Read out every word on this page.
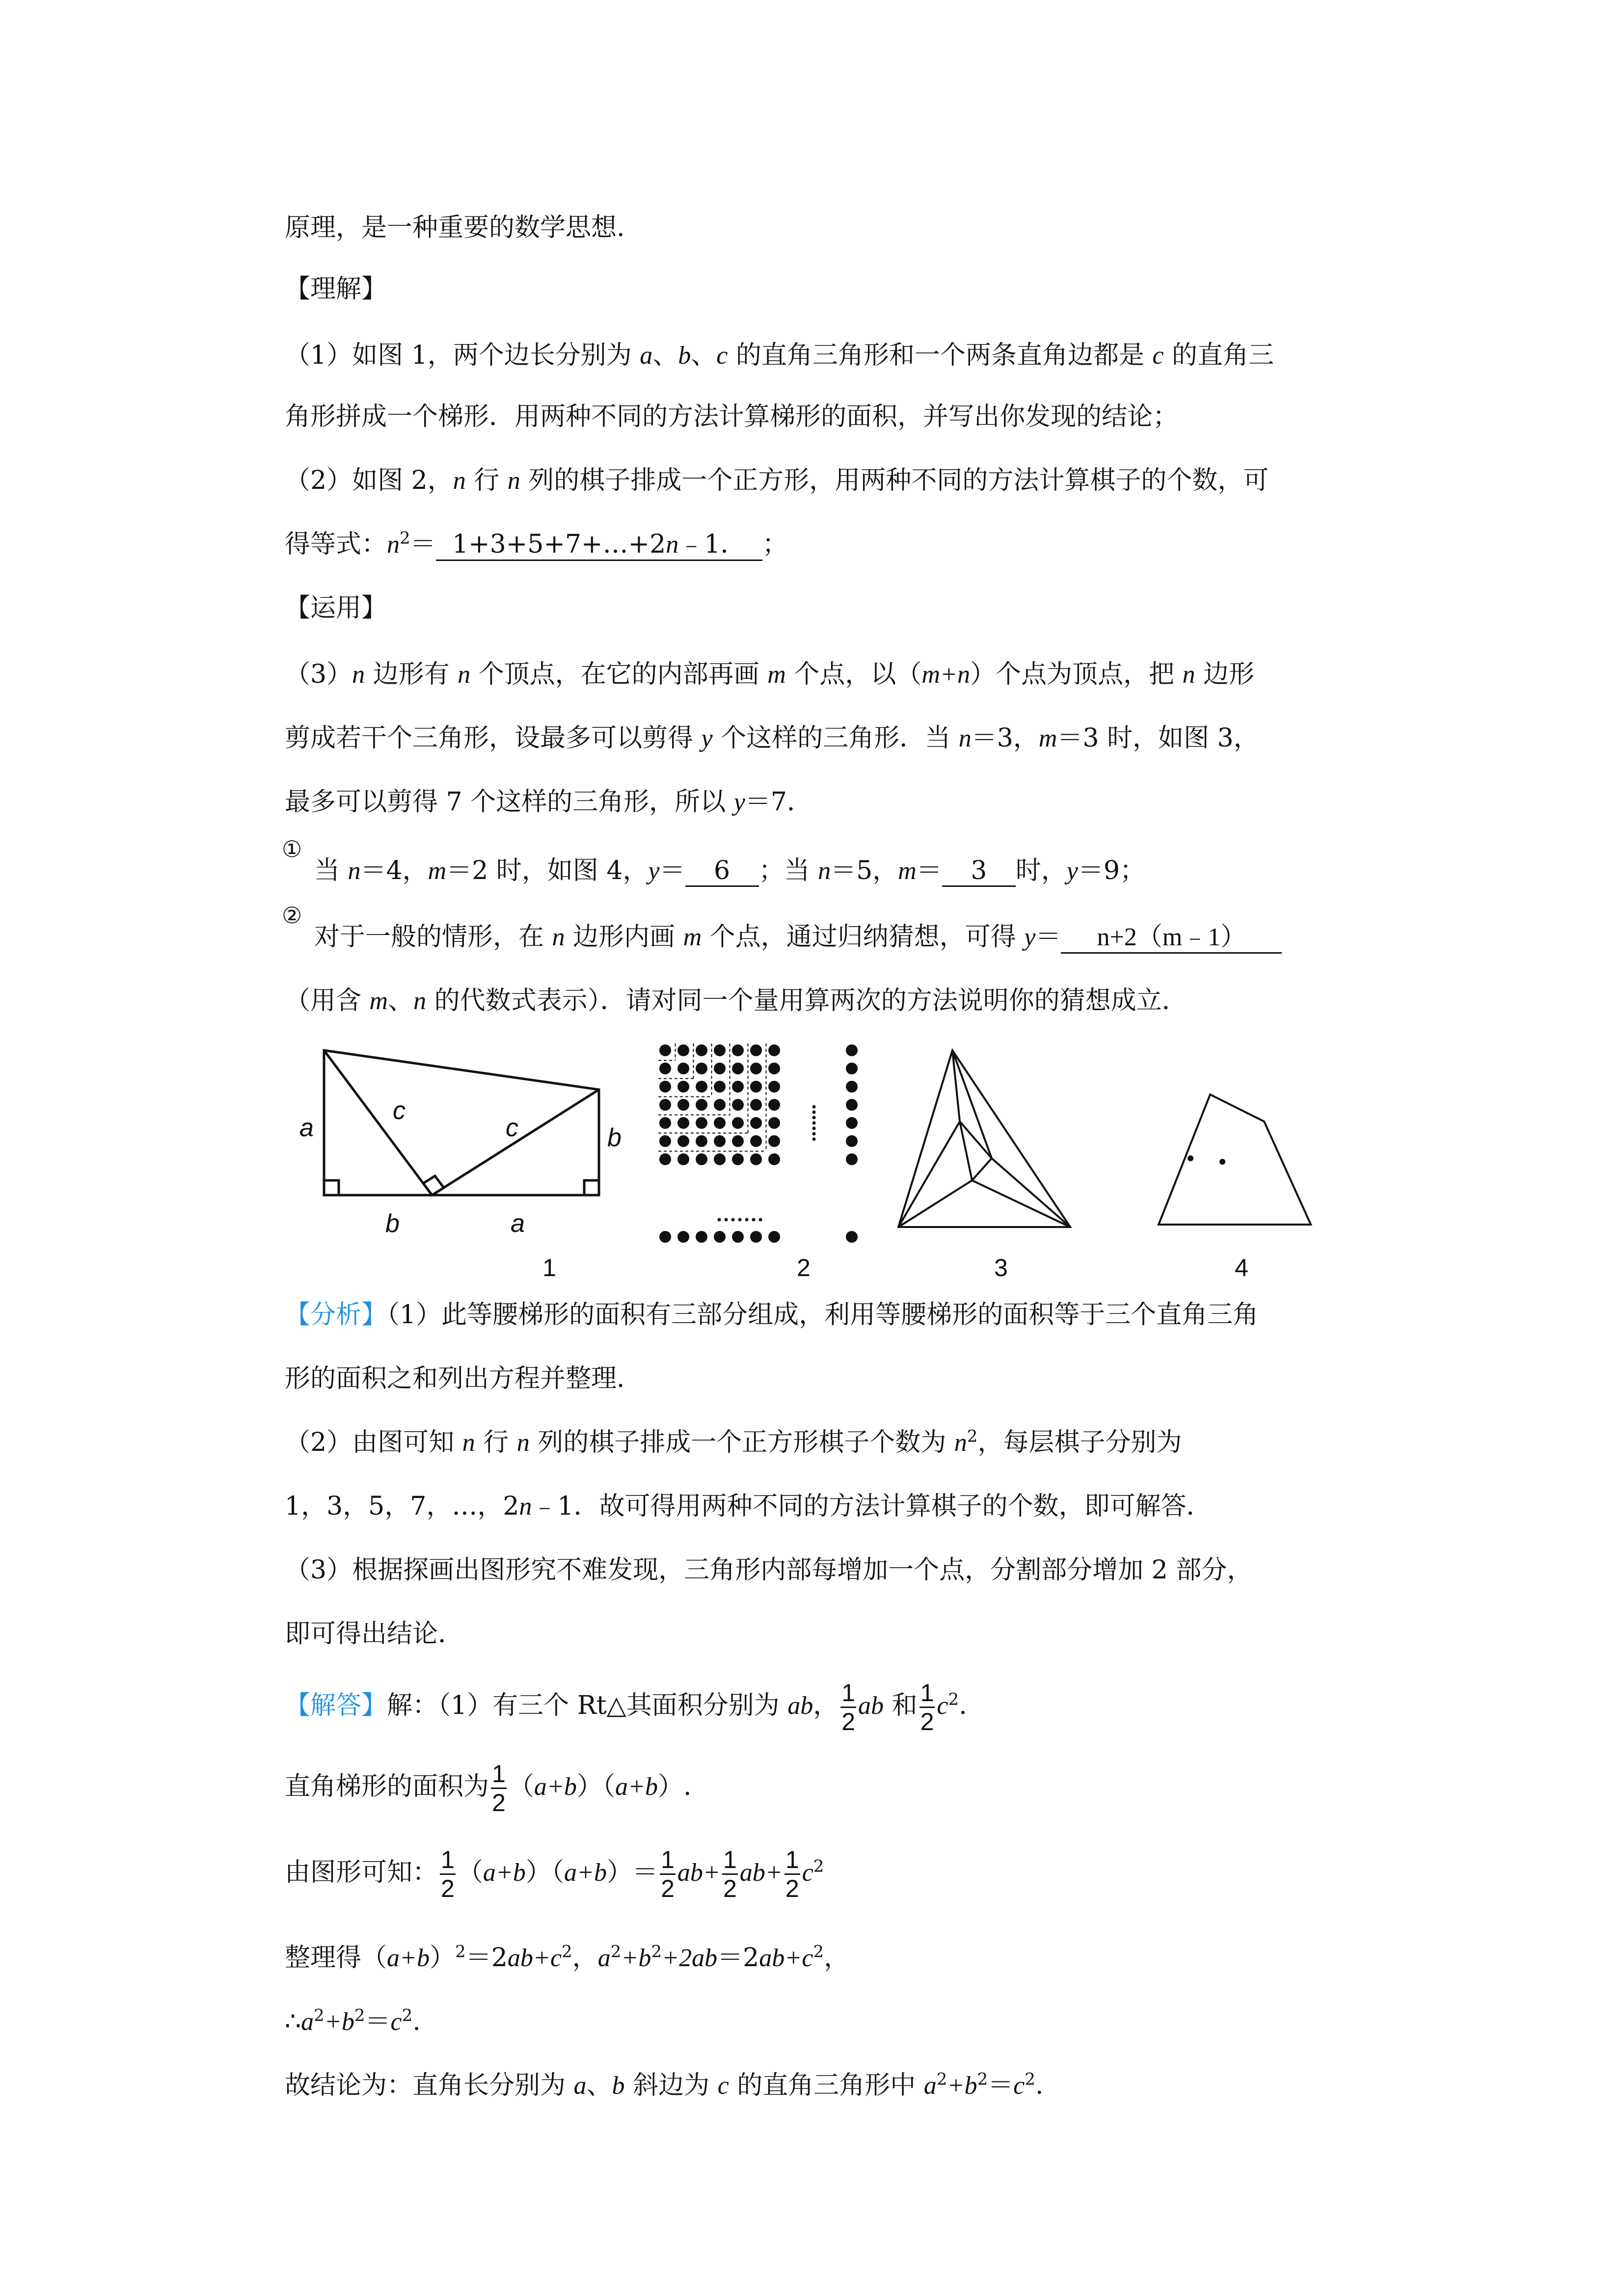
原理，是一种重要的数学思想.
【理解】
（1）如图 1，两个边长分别为 a、b、c 的直角三角形和一个两条直角边都是 c 的直角三
角形拼成一个梯形．用两种不同的方法计算梯形的面积，并写出你发现的结论；
（2）如图 2，n 行 n 列的棋子排成一个正方形，用两种不同的方法计算棋子的个数，可
得等式：$n^2=$ 1+3+5+7+…+2n﹣1． ；
【运用】
（3）n 边形有 n 个顶点，在它的内部再画 m 个点，以（m+n）个点为顶点，把 n 边形
剪成若干个三角形，设最多可以剪得 y 个这样的三角形．当 n＝3，m＝3 时，如图 3，
最多可以剪得 7 个这样的三角形，所以 y＝7．
①
当 n＝4，m＝2 时，如图 4，y＝ 6 ；当 n＝5，m＝ 3 时，y＝9；
②
对于一般的情形，在 n 边形内画 m 个点，通过归纳猜想，可得 y＝ n+2（m﹣1）
（用含 m、n 的代数式表示）．请对同一个量用算两次的方法说明你的猜想成立．
a
c
c	b
b	a
1	2	3	4
【分析】（1）此等腰梯形的面积有三部分组成，利用等腰梯形的面积等于三个直角三角
形的面积之和列出方程并整理．
（2）由图可知 n 行 n 列的棋子排成一个正方形棋子个数为 $n^2$，每层棋子分别为
1，3，5，7，…，2n﹣1．故可得用两种不同的方法计算棋子的个数，即可解答．
（3）根据探画出图形究不难发现，三角形内部每增加一个点，分割部分增加 2 部分，
即可得出结论．
【解答】解：（1）有三个 Rt△其面积分别为 ab， $\frac{1}{2}$ ab 和 $\frac{1}{2} c^2$.
直角梯形的面积为 $\frac{1}{2} (a+b)(a+b)$.
由图形可知： $\frac{1}{2} (a+b)(a+b)= \frac{1}{2} ab+ \frac{1}{2} ab+ \frac{1}{2} c^2$
整理得$(a+b)^2=2ab+c^2$，$a^2+b^2+2ab=2ab+c^2$，
$\therefore a^2+b^2=c^2$.
故结论为：直角长分别为 a、b 斜边为 c 的直角三角形中 $a^2+b^2=c^2$.
